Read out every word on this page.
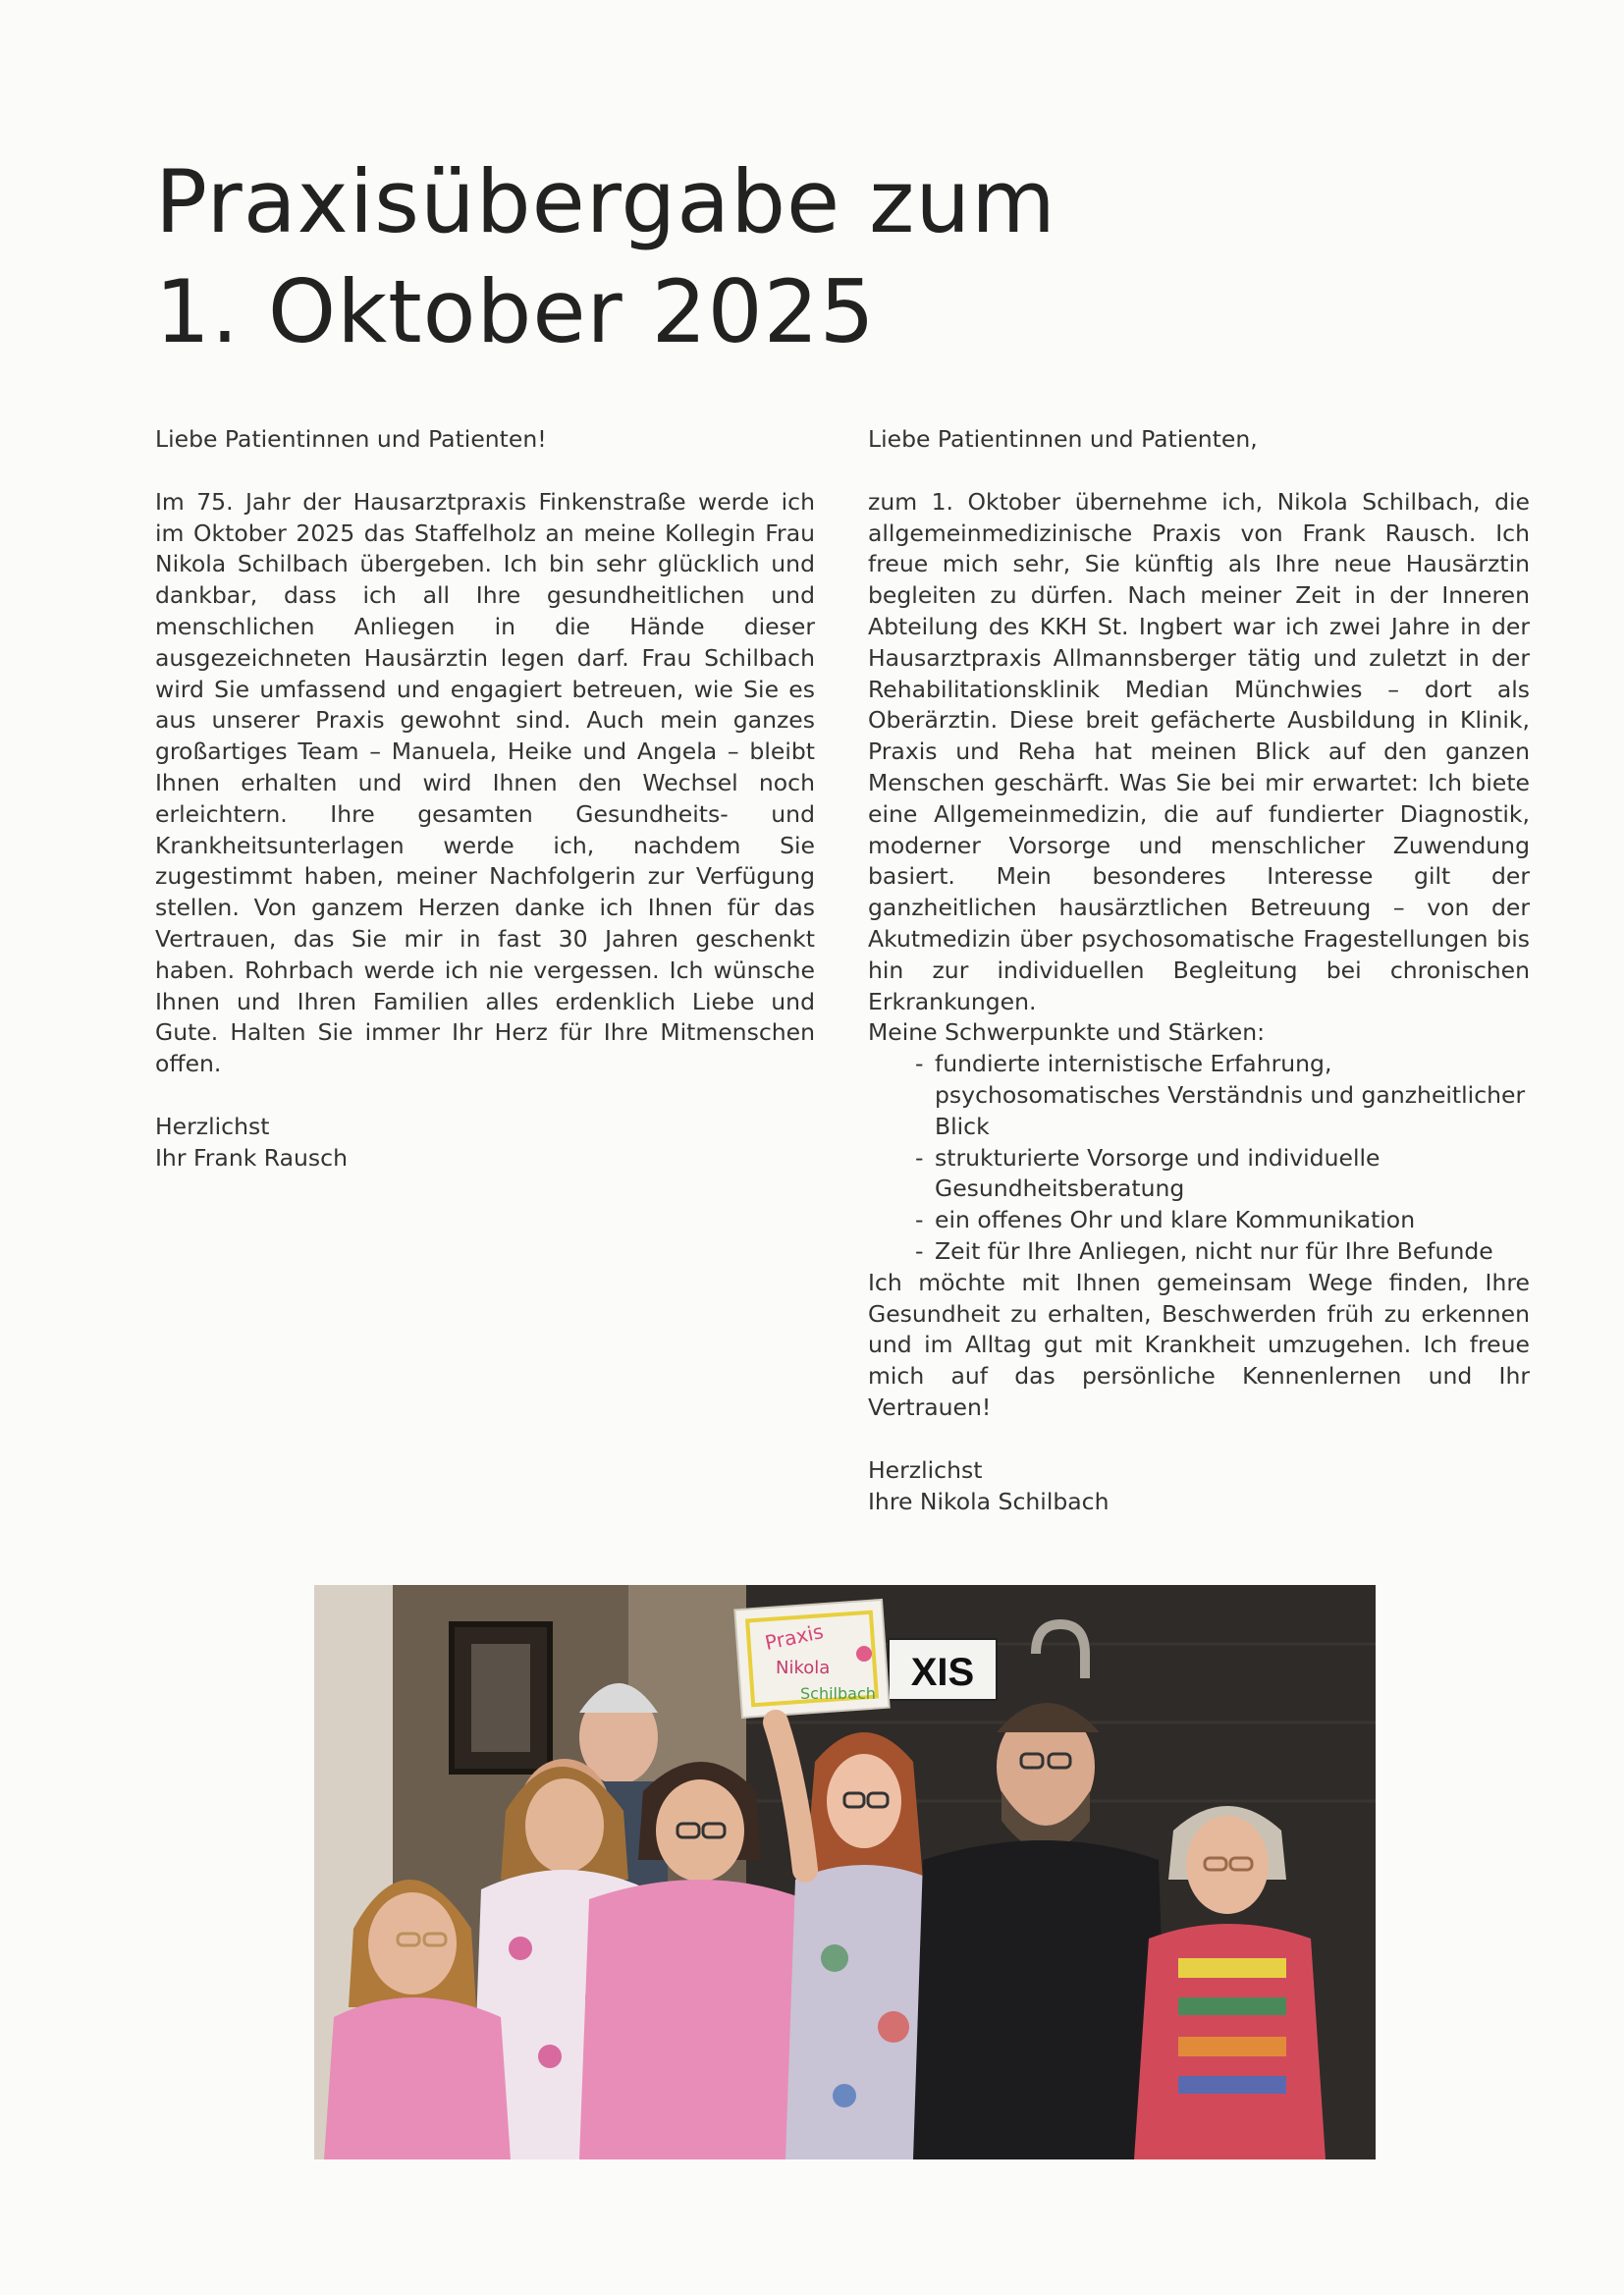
Praxisübergabe zum
1. Oktober 2025

Liebe Patientinnen und Patienten!

Im 75. Jahr der Hausarztpraxis Finkenstraße werde ich im Oktober 2025 das Staffelholz an meine Kollegin Frau Nikola Schilbach übergeben. Ich bin sehr glücklich und dankbar, dass ich all Ihre gesundheitlichen und menschlichen Anliegen in die Hände dieser ausgezeichneten Hausärztin legen darf. Frau Schilbach wird Sie umfassend und engagiert betreuen, wie Sie es aus unserer Praxis gewohnt sind. Auch mein ganzes großartiges Team – Manuela, Heike und Angela – bleibt Ihnen erhalten und wird Ihnen den Wechsel noch erleichtern. Ihre gesamten Gesundheits- und Krankheitsunterlagen werde ich, nachdem Sie zugestimmt haben, meiner Nachfolgerin zur Verfügung stellen. Von ganzem Herzen danke ich Ihnen für das Vertrauen, das Sie mir in fast 30 Jahren geschenkt haben. Rohrbach werde ich nie vergessen. Ich wünsche Ihnen und Ihren Familien alles erdenklich Liebe und Gute. Halten Sie immer Ihr Herz für Ihre Mitmenschen offen.

Herzlichst

Ihr Frank Rausch

Liebe Patientinnen und Patienten,

zum 1. Oktober übernehme ich, Nikola Schilbach, die allgemeinmedizinische Praxis von Frank Rausch. Ich freue mich sehr, Sie künftig als Ihre neue Hausärztin begleiten zu dürfen. Nach meiner Zeit in der Inneren Abteilung des KKH St. Ingbert war ich zwei Jahre in der Hausarztpraxis Allmannsberger tätig und zuletzt in der Rehabilitationsklinik Median Münchwies – dort als Oberärztin. Diese breit gefächerte Ausbildung in Klinik, Praxis und Reha hat meinen Blick auf den ganzen Menschen geschärft. Was Sie bei mir erwartet: Ich biete eine Allgemeinmedizin, die auf fundierter Diagnostik, moderner Vorsorge und menschlicher Zuwendung basiert. Mein besonderes Interesse gilt der ganzheitlichen hausärztlichen Betreuung – von der Akutmedizin über psychosomatische Fragestellungen bis hin zur individuellen Begleitung bei chronischen Erkrankungen.

Meine Schwerpunkte und Stärken:

- fundierte internistische Erfahrung, psychosomatisches Verständnis und ganzheitlicher Blick
- strukturierte Vorsorge und individuelle Gesundheitsberatung
- ein offenes Ohr und klare Kommunikation
- Zeit für Ihre Anliegen, nicht nur für Ihre Befunde

Ich möchte mit Ihnen gemeinsam Wege finden, Ihre Gesundheit zu erhalten, Beschwerden früh zu erkennen und im Alltag gut mit Krankheit umzugehen. Ich freue mich auf das persönliche Kennenlernen und Ihr Vertrauen!

Herzlichst

Ihre Nikola Schilbach

XIS
Praxis
Nikola
Schilbach
